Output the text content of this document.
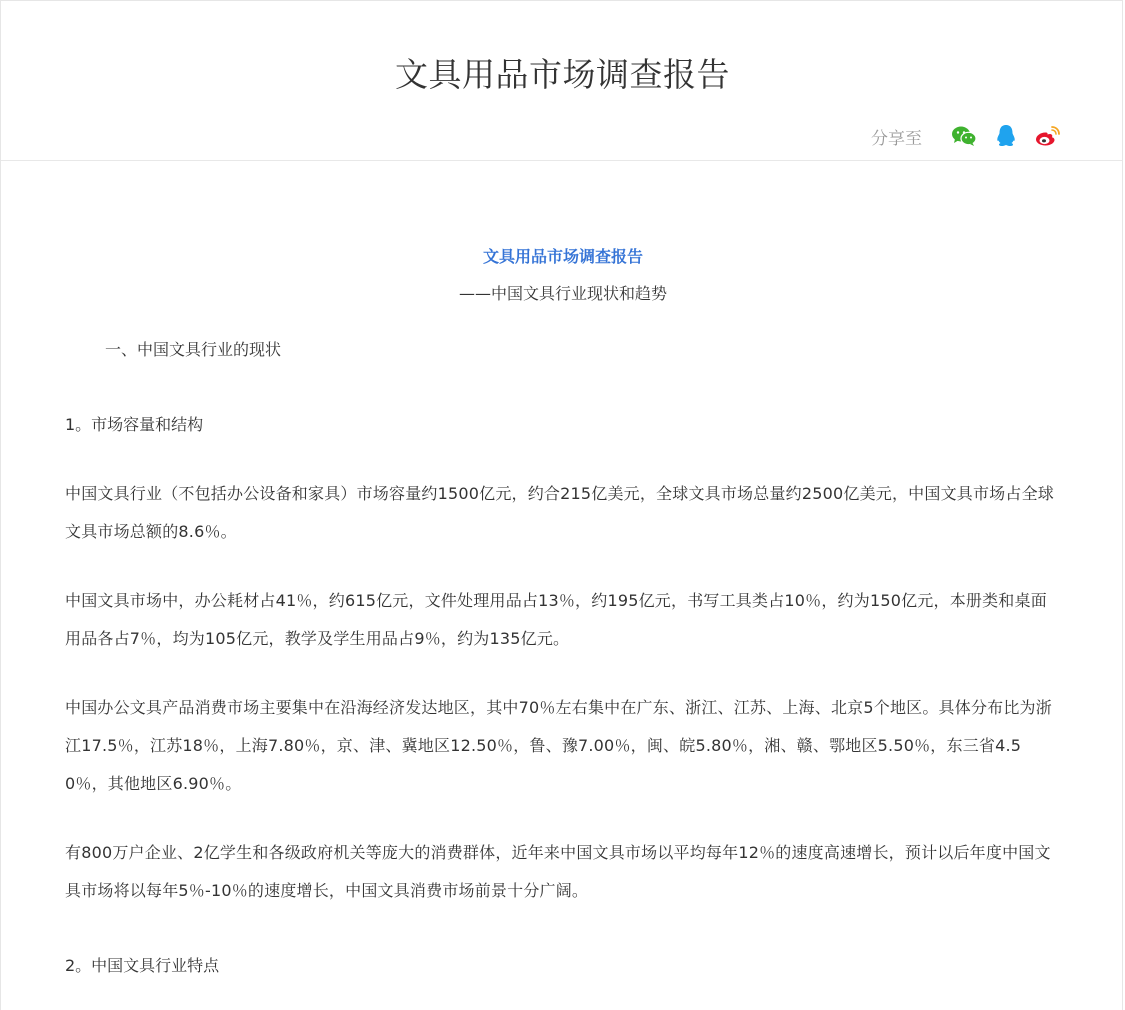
文具用品市场调查报告
分享至
文具用品市场调查报告
——中国文具行业现状和趋势
一、中国文具行业的现状
1。市场容量和结构
中国文具行业（不包括办公设备和家具）市场容量约1500亿元，约合215亿美元，全球文具市场总量约2500亿美元，中国文具市场占全球文具市场总额的8.6％。
中国文具市场中，办公耗材占41％，约615亿元，文件处理用品占13％，约195亿元，书写工具类占10％，约为150亿元，本册类和桌面用品各占7％，均为105亿元，教学及学生用品占9％，约为135亿元。
中国办公文具产品消费市场主要集中在沿海经济发达地区，其中70％左右集中在广东、浙江、江苏、上海、北京5个地区。具体分布比为浙江17.5％，江苏18％，上海7.80％，京、津、冀地区12.50％，鲁、豫7.00％，闽、皖5.80％，湘、赣、鄂地区5.50％，东三省4.50％，其他地区6.90％。
有800万户企业、2亿学生和各级政府机关等庞大的消费群体，近年来中国文具市场以平均每年12％的速度高速增长，预计以后年度中国文具市场将以每年5％-10％的速度增长，中国文具消费市场前景十分广阔。
2。中国文具行业特点
